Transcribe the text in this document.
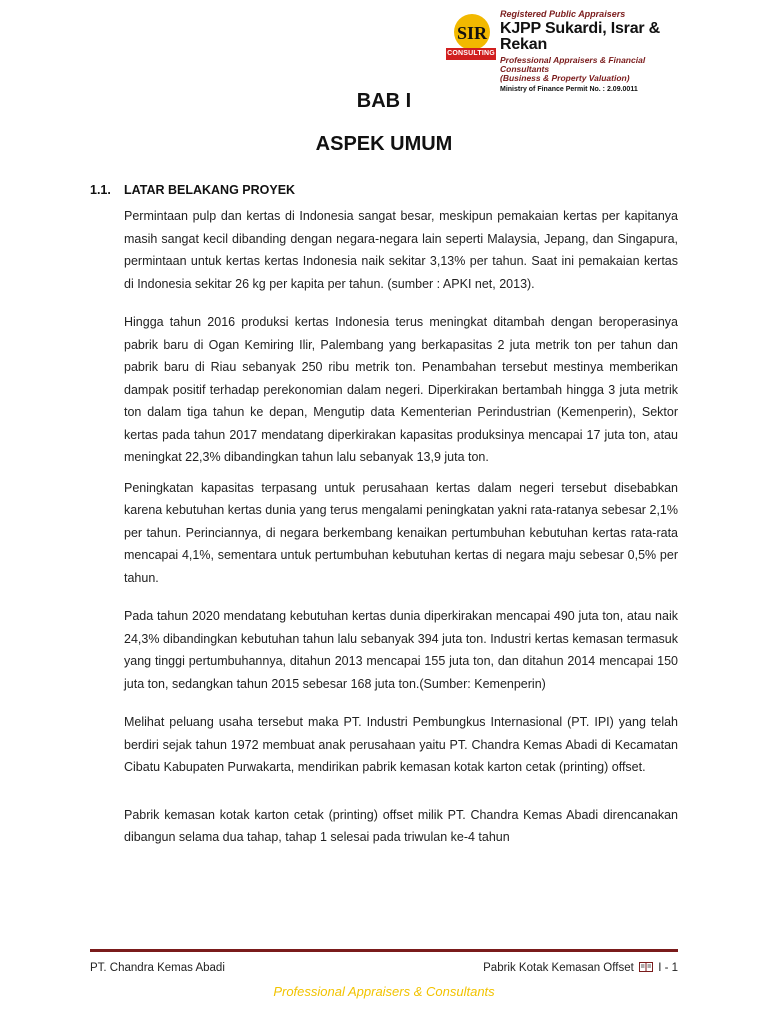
SIR
CONSULTING
Registered Public Appraisers
KJPP Sukardi, Israr & Rekan
Professional Appraisers & Financial Consultants
(Business & Property Valuation)
Ministry of Finance Permit No. : 2.09.0011
BAB I
ASPEK UMUM
1.1. LATAR BELAKANG PROYEK

Permintaan pulp dan kertas di Indonesia sangat besar, meskipun pemakaian kertas per kapitanya masih sangat kecil dibanding dengan negara-negara lain seperti Malaysia, Jepang, dan Singapura, permintaan untuk kertas kertas Indonesia naik sekitar 3,13% per tahun. Saat ini pemakaian kertas di Indonesia sekitar 26 kg per kapita per tahun. (sumber : APKI net, 2013).

Hingga tahun 2016 produksi kertas Indonesia terus meningkat ditambah dengan beroperasinya pabrik baru di Ogan Kemiring Ilir, Palembang yang berkapasitas 2 juta metrik ton per tahun dan pabrik baru di Riau sebanyak 250 ribu metrik ton. Penambahan tersebut mestinya memberikan dampak positif terhadap perekonomian dalam negeri. Diperkirakan bertambah hingga 3 juta metrik ton dalam tiga tahun ke depan, Mengutip data Kementerian Perindustrian (Kemenperin), Sektor kertas pada tahun 2017 mendatang diperkirakan kapasitas produksinya mencapai 17 juta ton, atau meningkat 22,3% dibandingkan tahun lalu sebanyak 13,9 juta ton.

Peningkatan kapasitas terpasang untuk perusahaan kertas dalam negeri tersebut disebabkan karena kebutuhan kertas dunia yang terus mengalami peningkatan yakni rata-ratanya sebesar 2,1% per tahun. Perinciannya, di negara berkembang kenaikan pertumbuhan kebutuhan kertas rata-rata mencapai 4,1%, sementara untuk pertumbuhan kebutuhan kertas di negara maju sebesar 0,5% per tahun.

Pada tahun 2020 mendatang kebutuhan kertas dunia diperkirakan mencapai 490 juta ton, atau naik 24,3% dibandingkan kebutuhan tahun lalu sebanyak 394 juta ton. Industri kertas kemasan termasuk yang tinggi pertumbuhannya, ditahun 2013 mencapai 155 juta ton, dan ditahun 2014 mencapai 150 juta ton, sedangkan tahun 2015 sebesar 168 juta ton.(Sumber: Kemenperin)

Melihat peluang usaha tersebut maka PT. Industri Pembungkus Internasional (PT. IPI) yang telah berdiri sejak tahun 1972 membuat anak perusahaan yaitu PT. Chandra Kemas Abadi di Kecamatan Cibatu Kabupaten Purwakarta, mendirikan pabrik kemasan kotak karton cetak (printing) offset.

Pabrik kemasan kotak karton cetak (printing) offset milik PT. Chandra Kemas Abadi direncanakan dibangun selama dua tahap, tahap 1 selesai pada triwulan ke-4 tahun

PT. Chandra Kemas Abadi	Pabrik Kotak Kemasan Offset I - 1
Professional Appraisers & Consultants
